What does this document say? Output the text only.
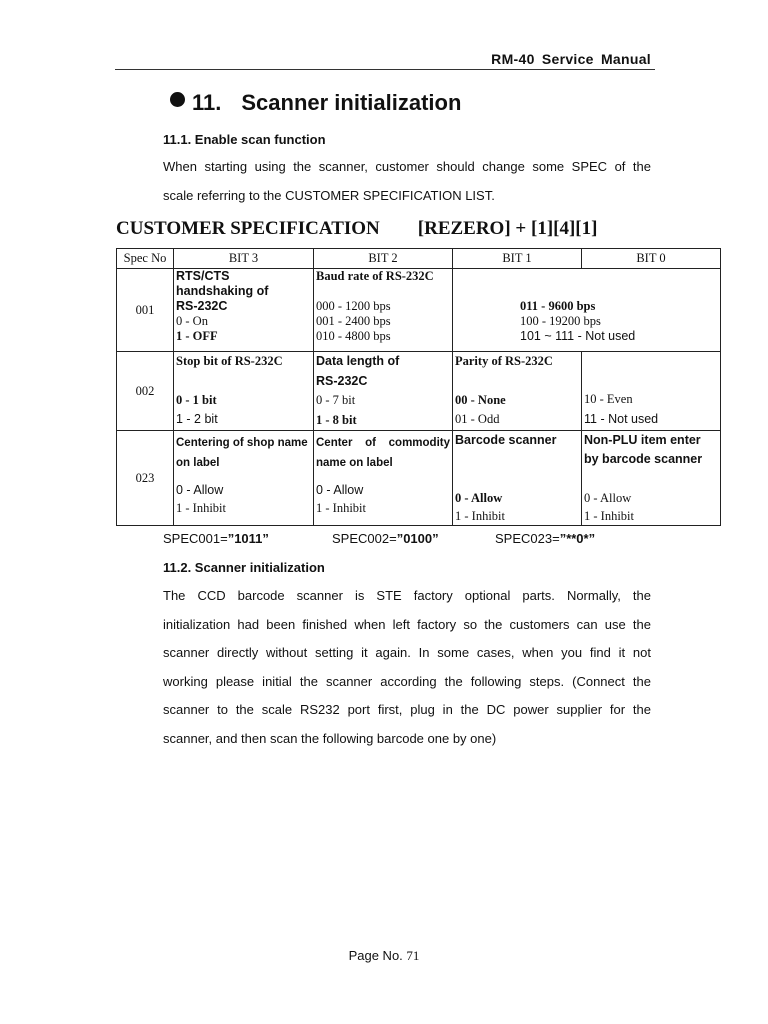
RM-40 Service Manual
11. Scanner initialization
11.1. Enable scan function
When starting using the scanner, customer should change some SPEC of the
scale referring to the CUSTOMER SPECIFICATION LIST.
CUSTOMER SPECIFICATION [REZERO] + [1][4][1]
Spec No	BIT 3	BIT 2	BIT 1	BIT 0
001	RTS/CTS
handshaking of
RS-232C
0 - On
1 - OFF	Baud rate of RS-232C
000 - 1200 bps
001 - 2400 bps
010 - 4800 bps	011 - 9600 bps
100 - 19200 bps
101 ~ 111 - Not used	

002	Stop bit of RS-232C
0 - 1 bit
1 - 2 bit	Data length of
RS-232C
0 - 7 bit
1 - 8 bit	Parity of RS-232C
00 - None
01 - Odd	10 - Even
11 - Not used

023	Centering of shop name
on label
0 - Allow
1 - Inhibit	Center of commodity
name on label
0 - Allow
1 - Inhibit	Barcode scanner
0 - Allow
1 - Inhibit	Non-PLU item enter
by barcode scanner
0 - Allow
1 - Inhibit
SPEC001=”1011”	SPEC002=”0100”	SPEC023=”**0*”
11.2. Scanner initialization
The CCD barcode scanner is STE factory optional parts. Normally, the
initialization had been finished when left factory so the customers can use the
scanner directly without setting it again. In some cases, when you find it not
working please initial the scanner according the following steps. (Connect the
scanner to the scale RS232 port first, plug in the DC power supplier for the
scanner, and then scan the following barcode one by one)
Page No. 71
